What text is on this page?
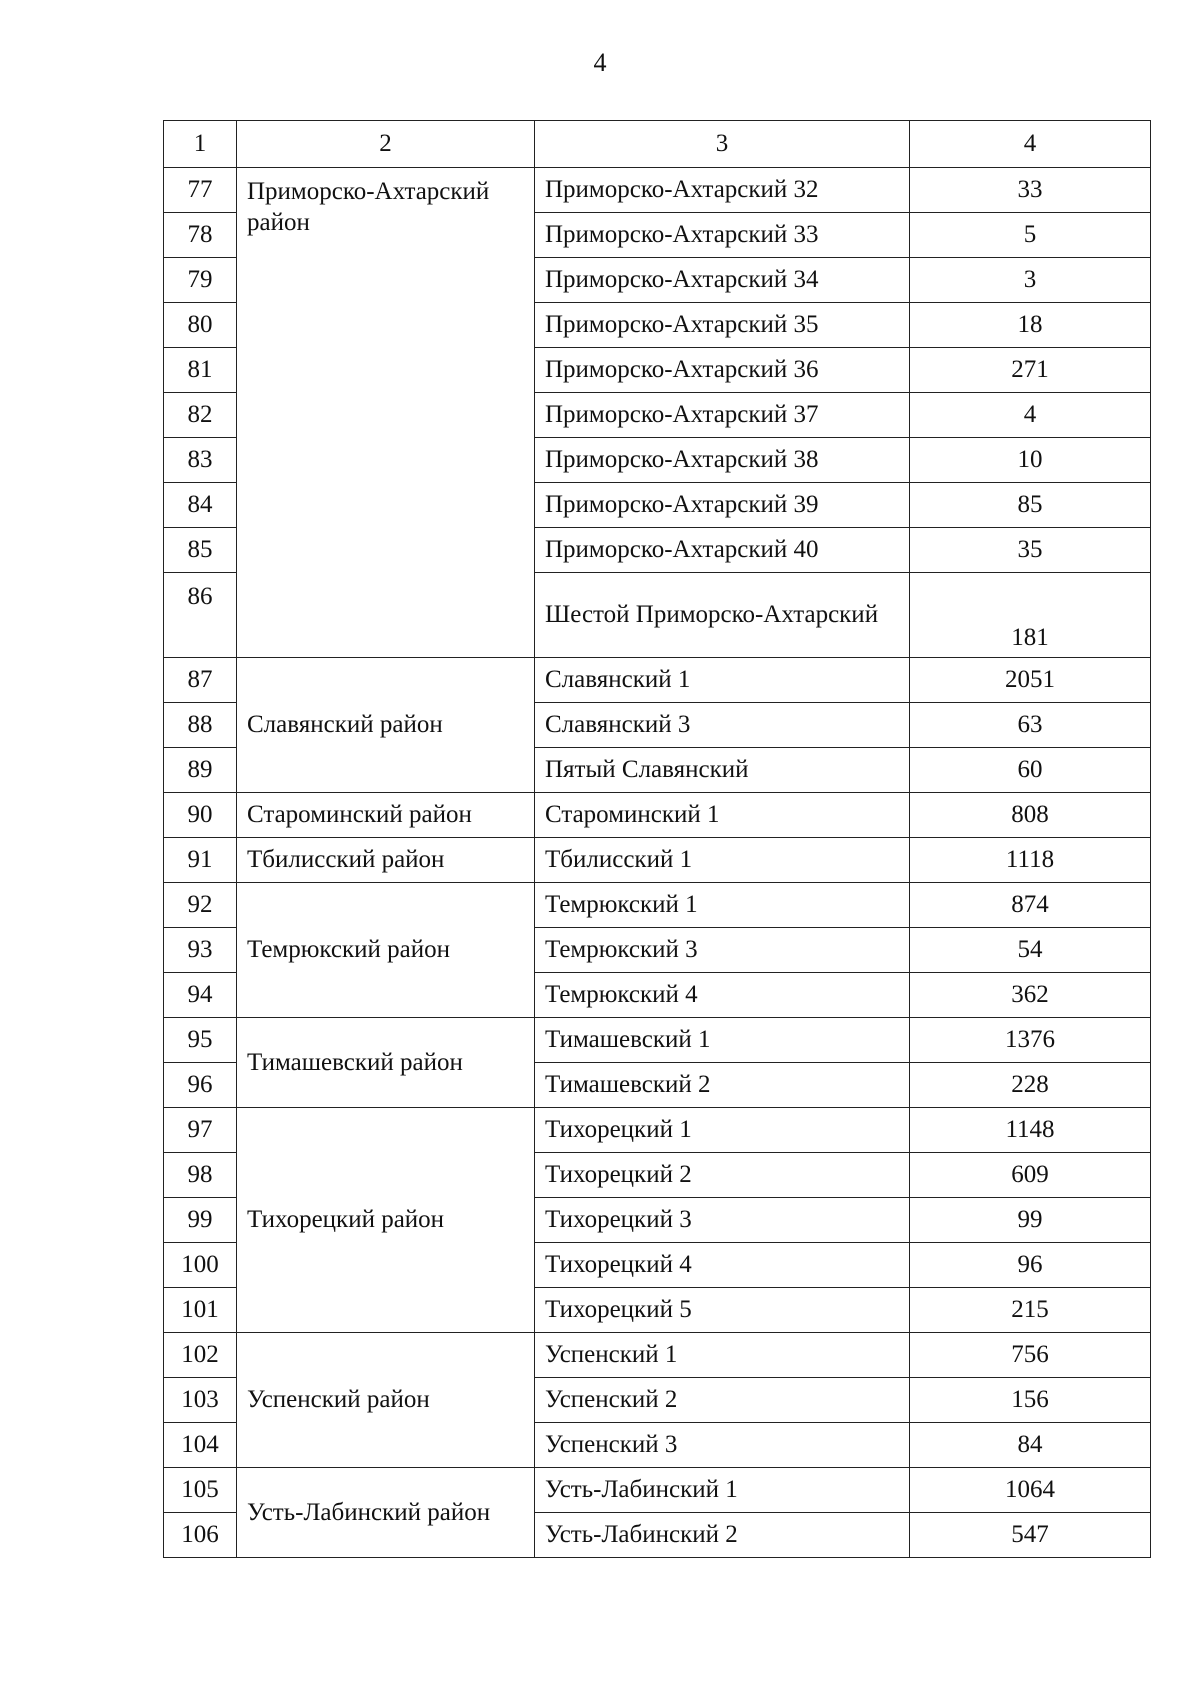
4
1	2	3	4
77	Приморско-Ахтарский район	Приморско-Ахтарский 32	33
78		Приморско-Ахтарский 33	5
79		Приморско-Ахтарский 34	3
80		Приморско-Ахтарский 35	18
81		Приморско-Ахтарский 36	271
82		Приморско-Ахтарский 37	4
83		Приморско-Ахтарский 38	10
84		Приморско-Ахтарский 39	85
85		Приморско-Ахтарский 40	35
86		Шестой Приморско-Ахтарский	181
87	Славянский район	Славянский 1	2051
88		Славянский 3	63
89		Пятый Славянский	60
90	Староминский район	Староминский 1	808
91	Тбилисский район	Тбилисский 1	1118
92	Темрюкский район	Темрюкский 1	874
93		Темрюкский 3	54
94		Темрюкский 4	362
95	Тимашевский район	Тимашевский 1	1376
96		Тимашевский 2	228
97	Тихорецкий район	Тихорецкий 1	1148
98		Тихорецкий 2	609
99		Тихорецкий 3	99
100		Тихорецкий 4	96
101		Тихорецкий 5	215
102	Успенский район	Успенский 1	756
103		Успенский 2	156
104		Успенский 3	84
105	Усть-Лабинский район	Усть-Лабинский 1	1064
106		Усть-Лабинский 2	547
